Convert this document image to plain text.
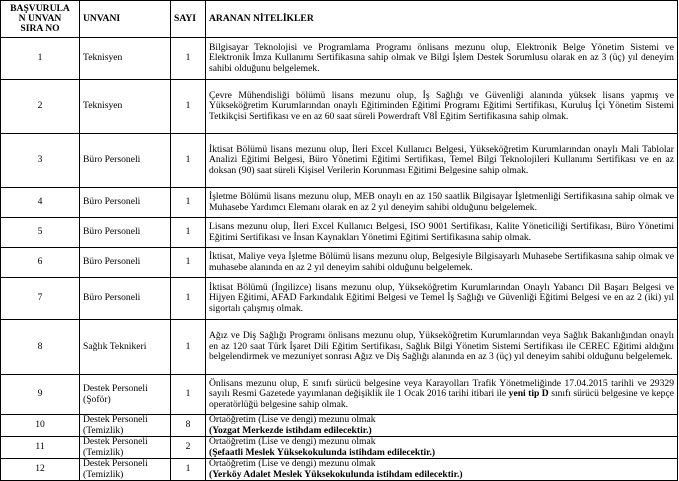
BAŞVURULA
N UNVAN
SIRA NO	UNVANI	SAYI	ARANAN NİTELİKLER
1	Teknisyen	1	Bilgisayar Teknolojisi ve Programlama Programı önlisans mezunu olup, Elektronik Belge Yönetim Sistemi ve Elektronik İmza Kullanımı Sertifikasına sahip olmak ve Bilgi İşlem Destek Sorumlusu olarak en az 3 (üç) yıl deneyim sahibi olduğunu belgelemek.
2	Teknisyen	1	Çevre Mühendisliği bölümü lisans mezunu olup, İş Sağlığı ve Güvenliği alanında yüksek lisans yapmış ve Yükseköğretim Kurumlarından onaylı Eğitiminden Eğitimi Programı Eğitimi Sertifikası, Kuruluş İçi Yönetim Sistemi Tetkikçisi Sertifikası ve en az 60 saat süreli Powerdraft V8İ Eğitim Sertifikasına sahip olmak.
3	Büro Personeli	1	İktisat Bölümü lisans mezunu olup, İleri Excel Kullanıcı Belgesi, Yükseköğretim Kurumlarından onaylı Mali Tablolar Analizi Eğitimi Belgesi, Büro Yönetimi Eğitimi Sertifikası, Temel Bilgi Teknolojileri Kullanımı Sertifikası ve en az doksan (90) saat süreli Kişisel Verilerin Korunması Eğitimi Belgesine sahip olmak.
4	Büro Personeli	1	İşletme Bölümü lisans mezunu olup, MEB onaylı en az 150 saatlik Bilgisayar İşletmenliği Sertifikasına sahip olmak ve Muhasebe Yardımcı Elemanı olarak en az 2 yıl deneyim sahibi olduğunu belgelemek.
5	Büro Personeli	1	Lisans mezunu olup, İleri Excel Kullanıcı Belgesi, ISO 9001 Sertifikası, Kalite Yöneticiliği Sertifikası, Büro Yönetimi Eğitimi Sertifikası ve İnsan Kaynakları Yönetimi Eğitimi Sertifikasına sahip olmak.
6	Büro Personeli	1	İktisat, Maliye veya İşletme Bölümü lisans mezunu olup, Belgesiyle Bilgisayarlı Muhasebe Sertifikasına sahip olmak ve muhasebe alanında en az 2 yıl deneyim sahibi olduğunu belgelemek.
7	Büro Personeli	1	İktisat Bölümü (İngilizce) lisans mezunu olup, Yükseköğretim Kurumlarından Onaylı Yabancı Dil Başarı Belgesi ve Hijyen Eğitimi, AFAD Farkındalık Eğitimi Belgesi ve Temel İş Sağlığı ve Güvenliği Eğitimi Belgesi ve en az 2 (iki) yıl sigortalı çalışmış olmak.
8	Sağlık Teknikeri	1	Ağız ve Diş Sağlığı Programı önlisans mezunu olup, Yükseköğretim Kurumlarından veya Sağlık Bakanlığından onaylı en az 120 saat Türk İşaret Dili Eğitim Sertifikası, Sağlık Bilgi Yönetim Sistemi Sertifikası ile CEREC Eğitimi aldığını belgelendirmek ve mezuniyet sonrası Ağız ve Diş Sağlığı alanında en az 3 (üç) yıl deneyim sahibi olduğunu belgelemek.
9	Destek Personeli (Şoför)	1	Önlisans mezunu olup, E sınıfı sürücü belgesine veya Karayolları Trafik Yönetmeliğinde 17.04.2015 tarihli ve 29329 sayılı Resmi Gazetede yayımlanan değişiklik ile 1 Ocak 2016 tarihi itibari ile yeni tip D sınıfı sürücü belgesine ve kepçe operatörlüğü belgesine sahip olmak.
10	Destek Personeli (Temizlik)	8	Ortaöğretim (Lise ve dengi) mezunu olmak
(Yozgat Merkezde istihdam edilecektir.)
11	Destek Personeli (Temizlik)	2	Ortaöğretim (Lise ve dengi) mezunu olmak
(Şefaatli Meslek Yüksekokulunda istihdam edilecektir.)
12	Destek Personeli (Temizlik)	1	Ortaöğretim (Lise ve dengi) mezunu olmak
(Yerköy Adalet Meslek Yüksekokulunda istihdam edilecektir.)
